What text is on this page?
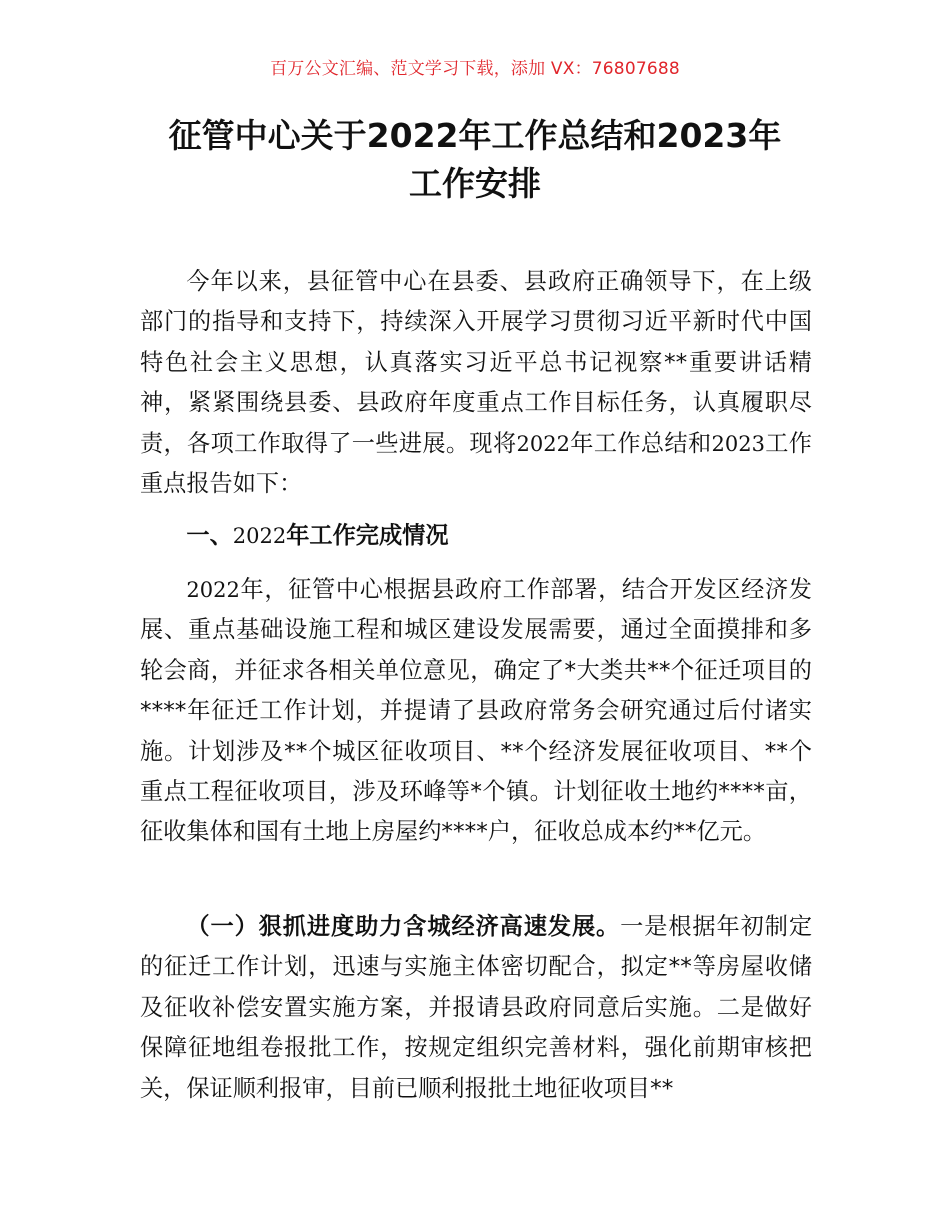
百万公文汇编、范文学习下载，添加 VX：76807688
征管中心关于2022年工作总结和2023年
工作安排
今年以来，县征管中心在县委、县政府正确领导下，在上级部门的指导和支持下，持续深入开展学习贯彻习近平新时代中国特色社会主义思想，认真落实习近平总书记视察**重要讲话精神，紧紧围绕县委、县政府年度重点工作目标任务，认真履职尽责，各项工作取得了一些进展。现将2022年工作总结和2023工作重点报告如下：
一、2022年工作完成情况
2022年，征管中心根据县政府工作部署，结合开发区经济发展、重点基础设施工程和城区建设发展需要，通过全面摸排和多轮会商，并征求各相关单位意见，确定了*大类共**个征迁项目的****年征迁工作计划，并提请了县政府常务会研究通过后付诸实施。计划涉及**个城区征收项目、**个经济发展征收项目、**个重点工程征收项目，涉及环峰等*个镇。计划征收土地约****亩，征收集体和国有土地上房屋约****户，征收总成本约**亿元。
（一）狠抓进度助力含城经济高速发展。一是根据年初制定的征迁工作计划，迅速与实施主体密切配合，拟定**等房屋收储及征收补偿安置实施方案，并报请县政府同意后实施。二是做好保障征地组卷报批工作，按规定组织完善材料，强化前期审核把关，保证顺利报审，目前已顺利报批土地征收项目**
